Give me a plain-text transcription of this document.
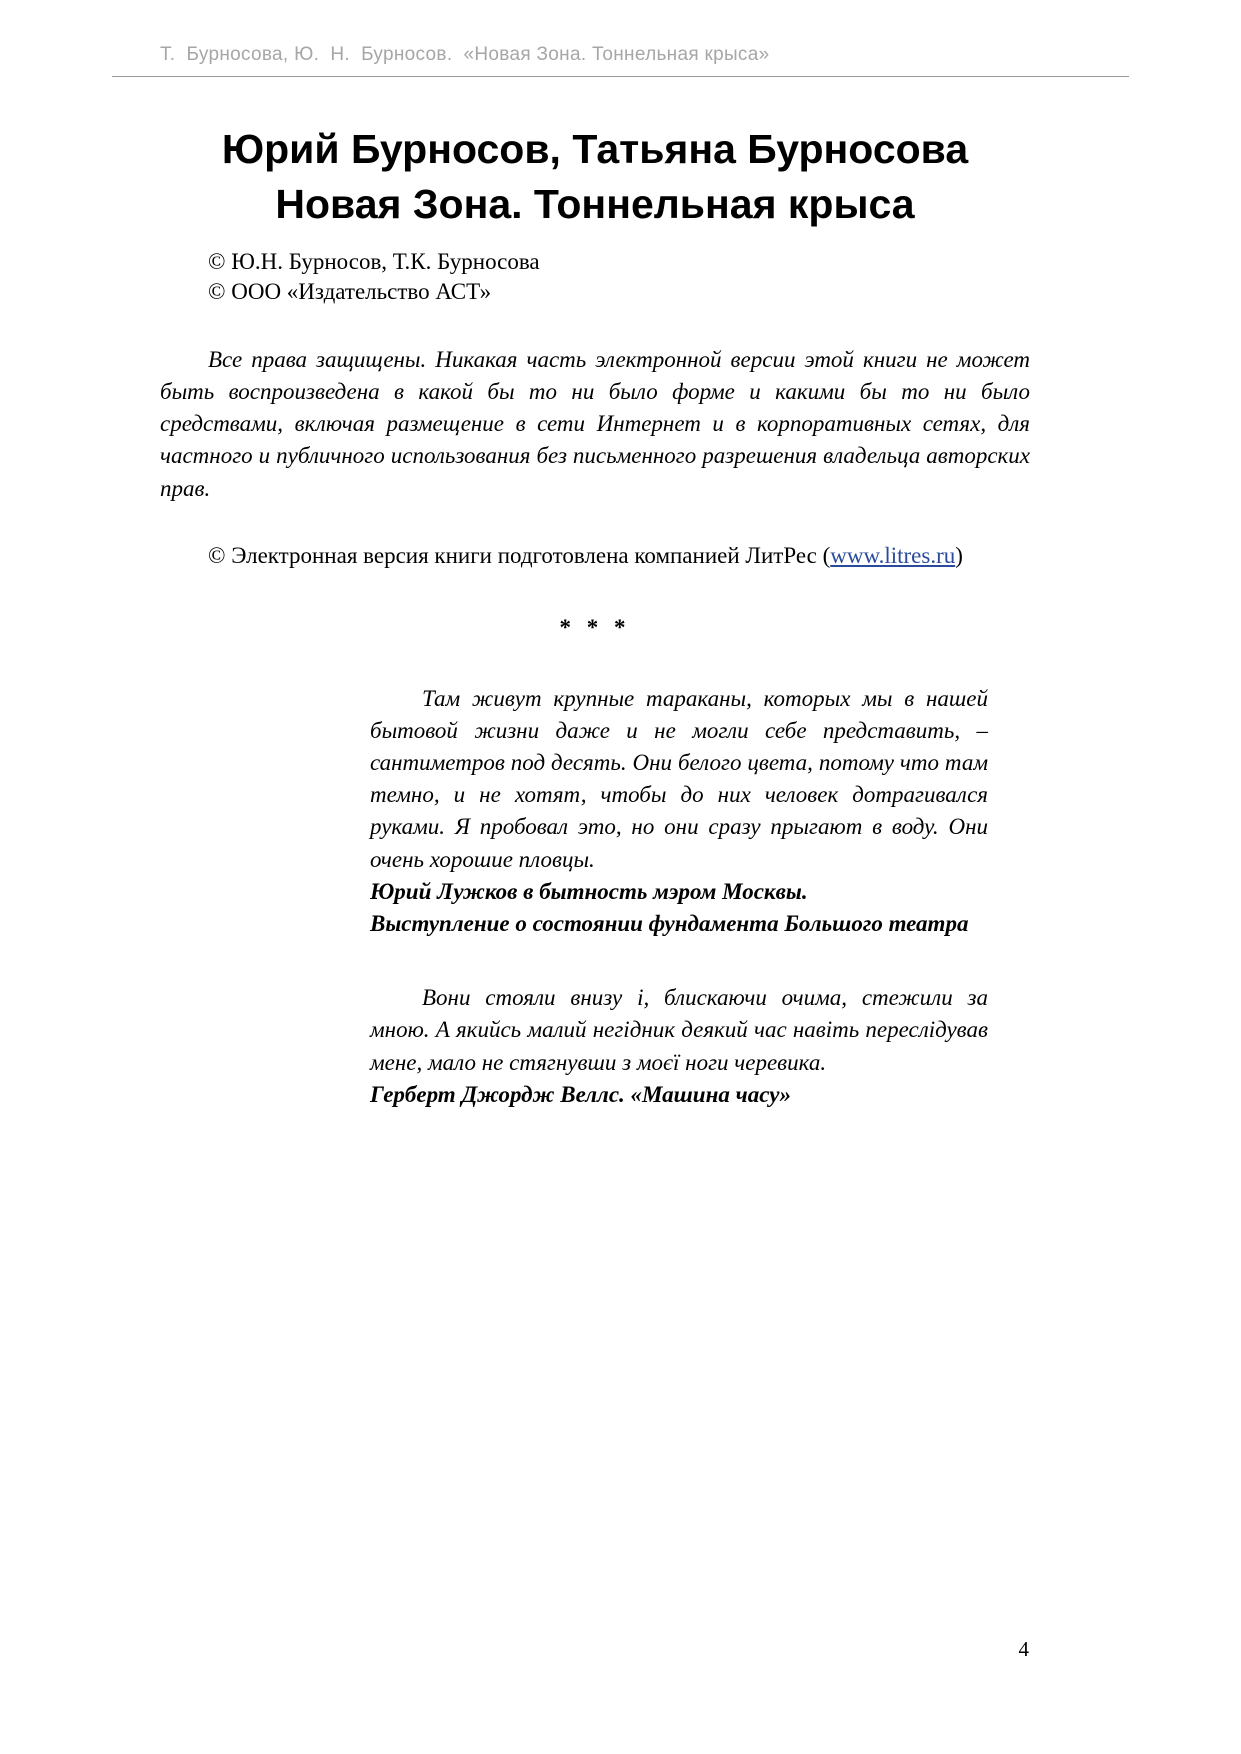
Т.  Бурносова, Ю.  Н.  Бурносов.  «Новая Зона. Тоннельная крыса»
Юрий Бурносов, Татьяна Бурносова
Новая Зона. Тоннельная крыса
© Ю.Н. Бурносов, Т.К. Бурносова
© ООО «Издательство АСТ»

Все права защищены. Никакая часть электронной версии этой книги не может быть воспроизведена в какой бы то ни было форме и какими бы то ни было средствами, включая размещение в сети Интернет и в корпоративных сетях, для частного и публичного использования без письменного разрешения владельца авторских прав.

© Электронная версия книги подготовлена компанией ЛитРес (www.litres.ru)

* * *

Там живут крупные тараканы, которых мы в нашей бытовой жизни даже и не могли себе представить, – сантиметров под десять. Они белого цвета, потому что там темно, и не хотят, чтобы до них человек дотрагивался руками. Я пробовал это, но они сразу прыгают в воду. Они очень хорошие пловцы.

Юрий Лужков в бытность мэром Москвы.
Выступление о состоянии фундамента Большого театра

Вони стояли внизу і, блискаючи очима, стежили за мною. А якийсь малий негідник деякий час навіть переслідував мене, мало не стягнувши з моєї ноги черевика.

Герберт Джордж Веллс. «Машина часу»
4
